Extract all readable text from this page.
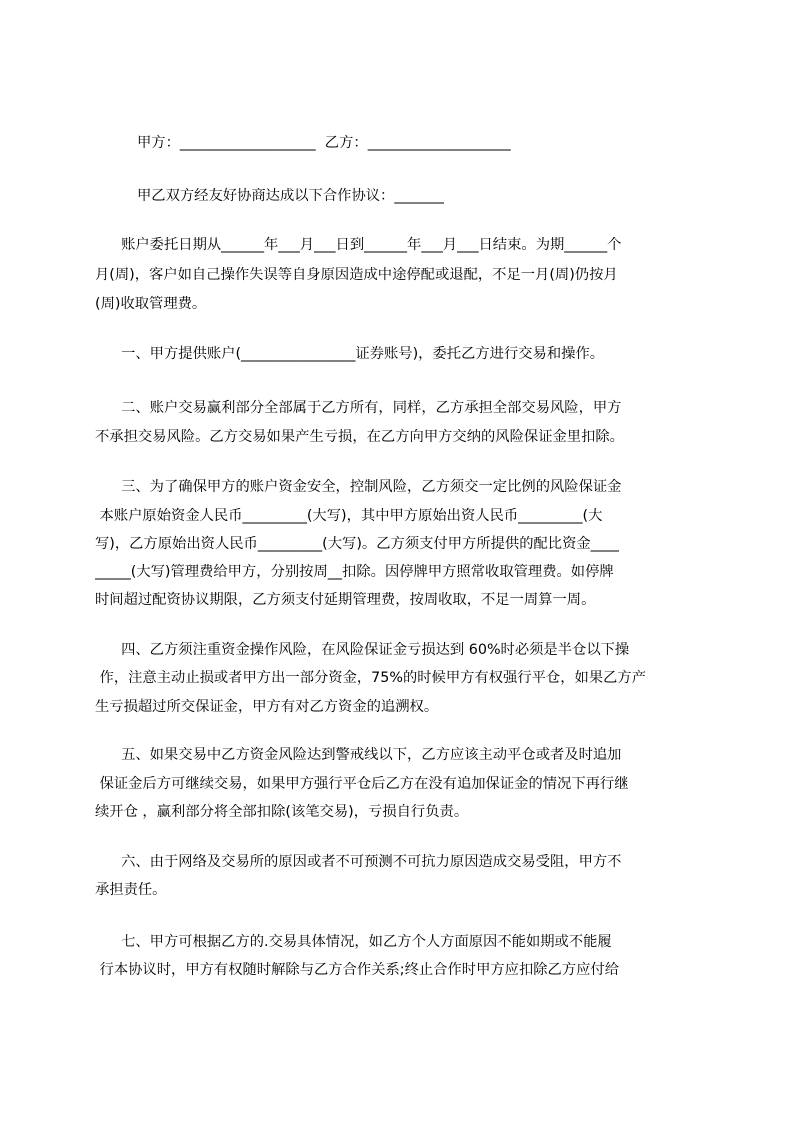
甲方：___________________  乙方：____________________
甲乙双方经友好协商达成以下合作协议：_______
账户委托日期从______年___月___日到______年___月___日结束。为期______个
月(周)，客户如自己操作失误等自身原因造成中途停配或退配，不足一月(周)仍按月
(周)收取管理费。
一、甲方提供账户(________________证券账号)，委托乙方进行交易和操作。
二、账户交易赢利部分全部属于乙方所有，同样，乙方承担全部交易风险，甲方
不承担交易风险。乙方交易如果产生亏损，在乙方向甲方交纳的风险保证金里扣除。
三、为了确保甲方的账户资金安全，控制风险，乙方须交一定比例的风险保证金
本账户原始资金人民币_________(大写)，其中甲方原始出资人民币_________(大
写)，乙方原始出资人民币_________(大写)。乙方须支付甲方所提供的配比资金____
_____(大写)管理费给甲方，分别按周__扣除。因停牌甲方照常收取管理费。如停牌
时间超过配资协议期限，乙方须支付延期管理费，按周收取，不足一周算一周。
四、乙方须注重资金操作风险，在风险保证金亏损达到 60%时必须是半仓以下操
作，注意主动止损或者甲方出一部分资金，75%的时候甲方有权强行平仓，如果乙方产
生亏损超过所交保证金，甲方有对乙方资金的追溯权。
五、如果交易中乙方资金风险达到警戒线以下，乙方应该主动平仓或者及时追加
保证金后方可继续交易，如果甲方强行平仓后乙方在没有追加保证金的情况下再行继
续开仓 ，赢利部分将全部扣除(该笔交易)，亏损自行负责。
六、由于网络及交易所的原因或者不可预测不可抗力原因造成交易受阻，甲方不
承担责任。
七、甲方可根据乙方的.交易具体情况，如乙方个人方面原因不能如期或不能履
行本协议时，甲方有权随时解除与乙方合作关系;终止合作时甲方应扣除乙方应付给
